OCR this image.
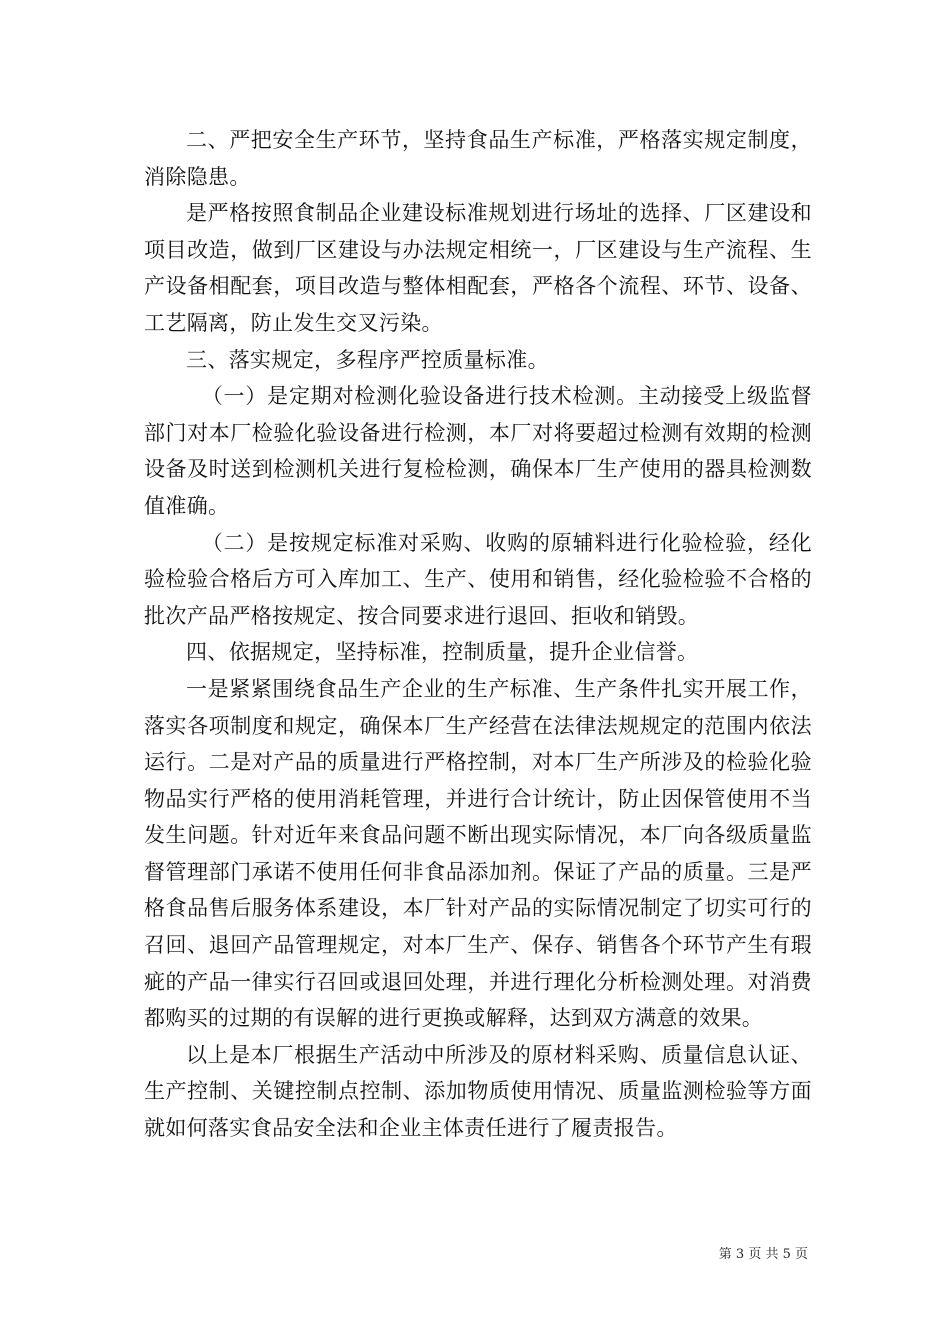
二、严把安全生产环节，坚持食品生产标准，严格落实规定制度，消除隐患。

是严格按照食制品企业建设标准规划进行场址的选择、厂区建设和项目改造，做到厂区建设与办法规定相统一，厂区建设与生产流程、生产设备相配套，项目改造与整体相配套，严格各个流程、环节、设备、工艺隔离，防止发生交叉污染。

三、落实规定，多程序严控质量标准。

（一）是定期对检测化验设备进行技术检测。主动接受上级监督部门对本厂检验化验设备进行检测，本厂对将要超过检测有效期的检测设备及时送到检测机关进行复检检测，确保本厂生产使用的器具检测数值准确。

（二）是按规定标准对采购、收购的原辅料进行化验检验，经化验检验合格后方可入库加工、生产、使用和销售，经化验检验不合格的批次产品严格按规定、按合同要求进行退回、拒收和销毁。

四、依据规定，坚持标准，控制质量，提升企业信誉。

一是紧紧围绕食品生产企业的生产标准、生产条件扎实开展工作，落实各项制度和规定，确保本厂生产经营在法律法规规定的范围内依法运行。二是对产品的质量进行严格控制，对本厂生产所涉及的检验化验物品实行严格的使用消耗管理，并进行合计统计，防止因保管使用不当发生问题。针对近年来食品问题不断出现实际情况，本厂向各级质量监督管理部门承诺不使用任何非食品添加剂。保证了产品的质量。三是严格食品售后服务体系建设，本厂针对产品的实际情况制定了切实可行的召回、退回产品管理规定，对本厂生产、保存、销售各个环节产生有瑕疵的产品一律实行召回或退回处理，并进行理化分析检测处理。对消费都购买的过期的有误解的进行更换或解释，达到双方满意的效果。

以上是本厂根据生产活动中所涉及的原材料采购、质量信息认证、生产控制、关键控制点控制、添加物质使用情况、质量监测检验等方面就如何落实食品安全法和企业主体责任进行了履责报告。

第 3 页 共 5 页
